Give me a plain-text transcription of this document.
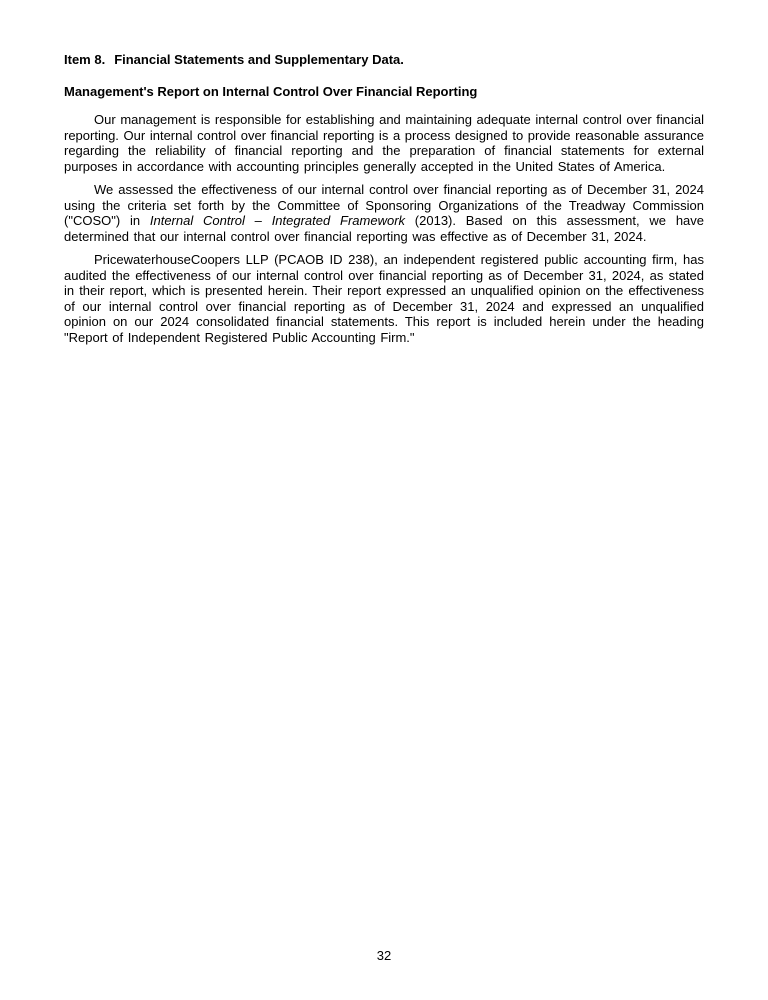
Item 8. Financial Statements and Supplementary Data.
Management's Report on Internal Control Over Financial Reporting

Our management is responsible for establishing and maintaining adequate internal control over financial reporting. Our internal control over financial reporting is a process designed to provide reasonable assurance regarding the reliability of financial reporting and the preparation of financial statements for external purposes in accordance with accounting principles generally accepted in the United States of America.

We assessed the effectiveness of our internal control over financial reporting as of December 31, 2024 using the criteria set forth by the Committee of Sponsoring Organizations of the Treadway Commission ("COSO") in Internal Control – Integrated Framework (2013). Based on this assessment, we have determined that our internal control over financial reporting was effective as of December 31, 2024.

PricewaterhouseCoopers LLP (PCAOB ID 238), an independent registered public accounting firm, has audited the effectiveness of our internal control over financial reporting as of December 31, 2024, as stated in their report, which is presented herein. Their report expressed an unqualified opinion on the effectiveness of our internal control over financial reporting as of December 31, 2024 and expressed an unqualified opinion on our 2024 consolidated financial statements. This report is included herein under the heading "Report of Independent Registered Public Accounting Firm."

32
